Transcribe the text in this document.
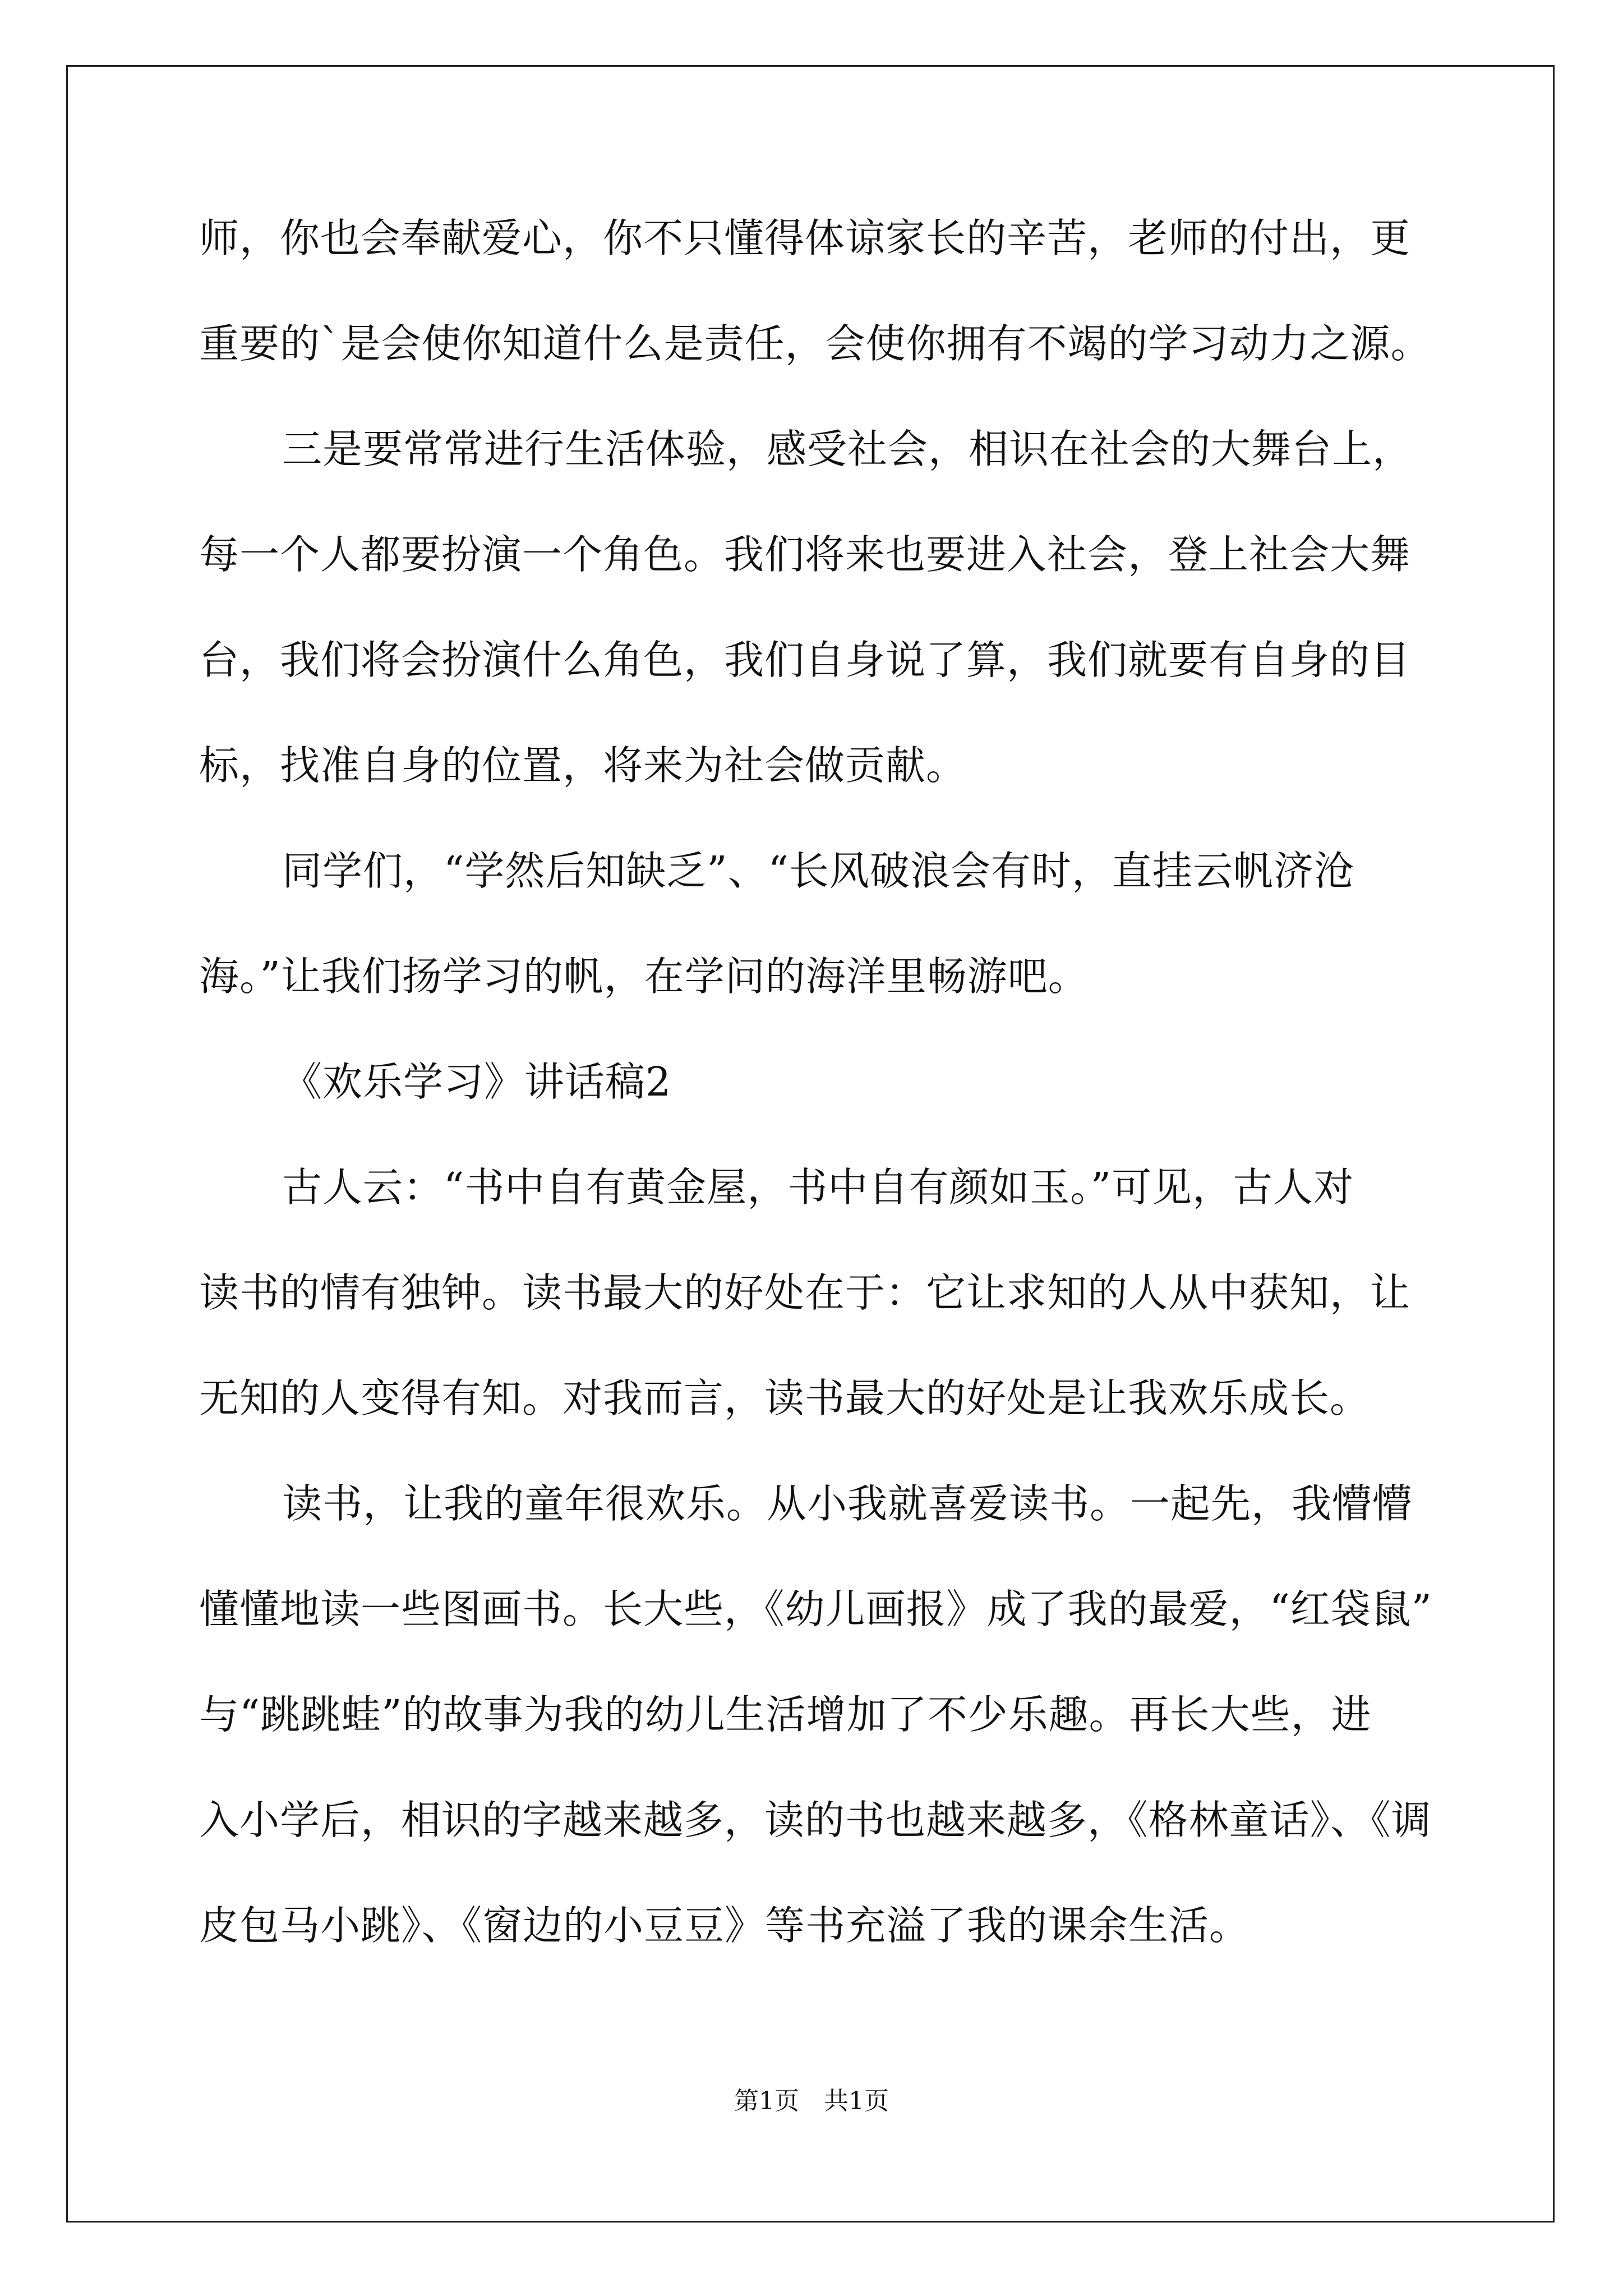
师，你也会奉献爱心，你不只懂得体谅家长的辛苦，老师的付出，更
重要的`是会使你知道什么是责任，会使你拥有不竭的学习动力之源。
三是要常常进行生活体验，感受社会，相识在社会的大舞台上，
每一个人都要扮演一个角色。我们将来也要进入社会，登上社会大舞
台，我们将会扮演什么角色，我们自身说了算，我们就要有自身的目
标，找准自身的位置，将来为社会做贡献。
同学们，“学然后知缺乏”、“长风破浪会有时，直挂云帆济沧
海。”让我们扬学习的帆，在学问的海洋里畅游吧。
《欢乐学习》讲话稿2
古人云：“书中自有黄金屋，书中自有颜如玉。”可见，古人对
读书的情有独钟。读书最大的好处在于：它让求知的人从中获知，让
无知的人变得有知。对我而言，读书最大的好处是让我欢乐成长。
读书，让我的童年很欢乐。从小我就喜爱读书。一起先，我懵懵
懂懂地读一些图画书。长大些，《幼儿画报》成了我的最爱，“红袋鼠”
与“跳跳蛙”的故事为我的幼儿生活增加了不少乐趣。再长大些，进
入小学后，相识的字越来越多，读的书也越来越多，《格林童话》、《调
皮包马小跳》、《窗边的小豆豆》等书充溢了我的课余生活。
第1页　共1页
